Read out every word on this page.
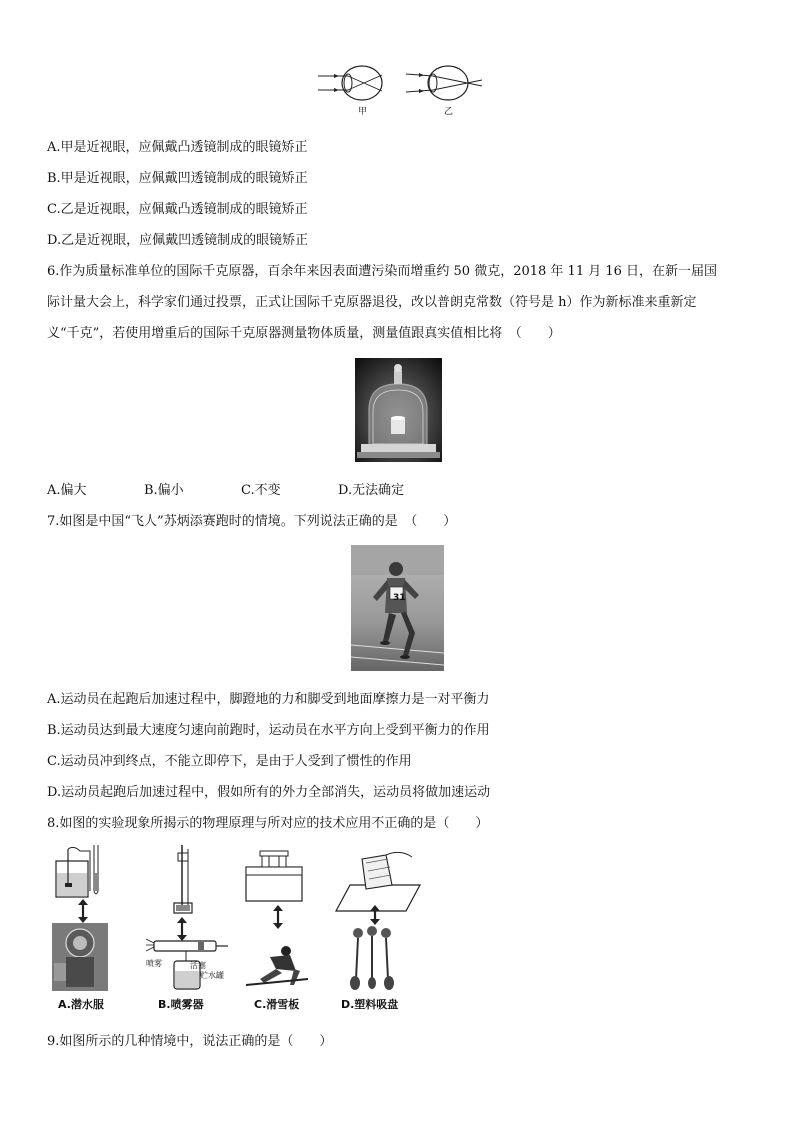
甲	乙
A.甲是近视眼，应佩戴凸透镜制成的眼镜矫正
B.甲是近视眼，应佩戴凹透镜制成的眼镜矫正
C.乙是近视眼，应佩戴凸透镜制成的眼镜矫正
D.乙是近视眼，应佩戴凹透镜制成的眼镜矫正
6.作为质量标准单位的国际千克原器，百余年来因表面遭污染而增重约 50 微克，2018 年 11 月 16 日，在新一届国
际计量大会上，科学家们通过投票，正式让国际千克原器退役，改以普朗克常数（符号是 h）作为新标准来重新定
义“千克”，若使用增重后的国际千克原器测量物体质量，测量值跟真实值相比将　（　　）
A.偏大	B.偏小	C.不变	D.无法确定
7.如图是中国“飞人”苏炳添赛跑时的情境。下列说法正确的是　（　　）
31
A.运动员在起跑后加速过程中，脚蹬地的力和脚受到地面摩擦力是一对平衡力
B.运动员达到最大速度匀速向前跑时，运动员在水平方向上受到平衡力的作用
C.运动员冲到终点，不能立即停下，是由于人受到了惯性的作用
D.运动员起跑后加速过程中，假如所有的外力全部消失，运动员将做加速运动
8.如图的实验现象所揭示的物理原理与所对应的技术应用不正确的是（　　）
喷雾	活塞
贮水罐
A.潜水服	B.喷雾器	C.滑雪板	D.塑料吸盘
9.如图所示的几种情境中，说法正确的是（　　）
